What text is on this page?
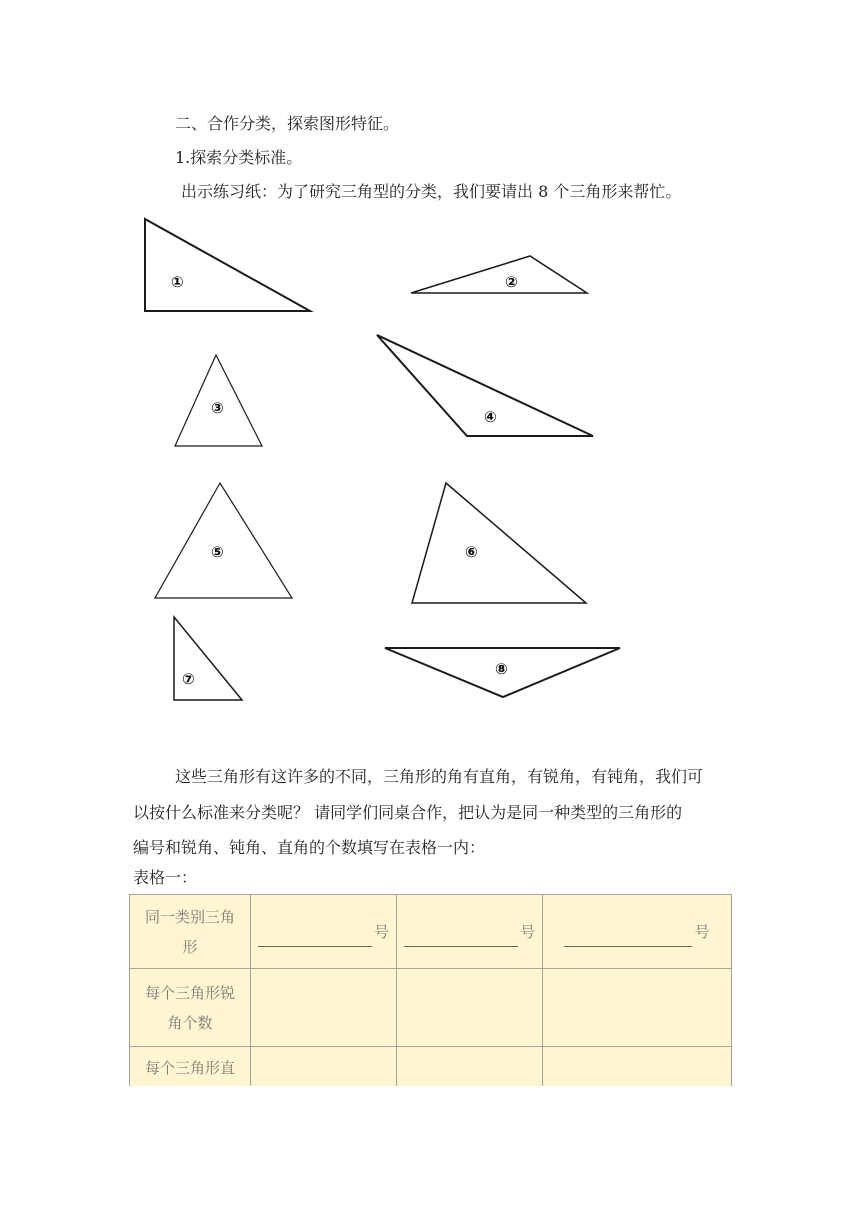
二、合作分类，探索图形特征。
1.探索分类标准。
出示练习纸：为了研究三角型的分类，我们要请出 8 个三角形来帮忙。
①	②
③	④
⑤	⑥
⑦
⑧
这些三角形有这许多的不同，三角形的角有直角，有锐角，有钝角，我们可
以按什么标准来分类呢？ 请同学们同桌合作，把认为是同一种类型的三角形的
编号和锐角、钝角、直角的个数填写在表格一内：
表格一：
同一类别三角
形	号	号	号

每个三角形锐
角个数			

每个三角形直			
